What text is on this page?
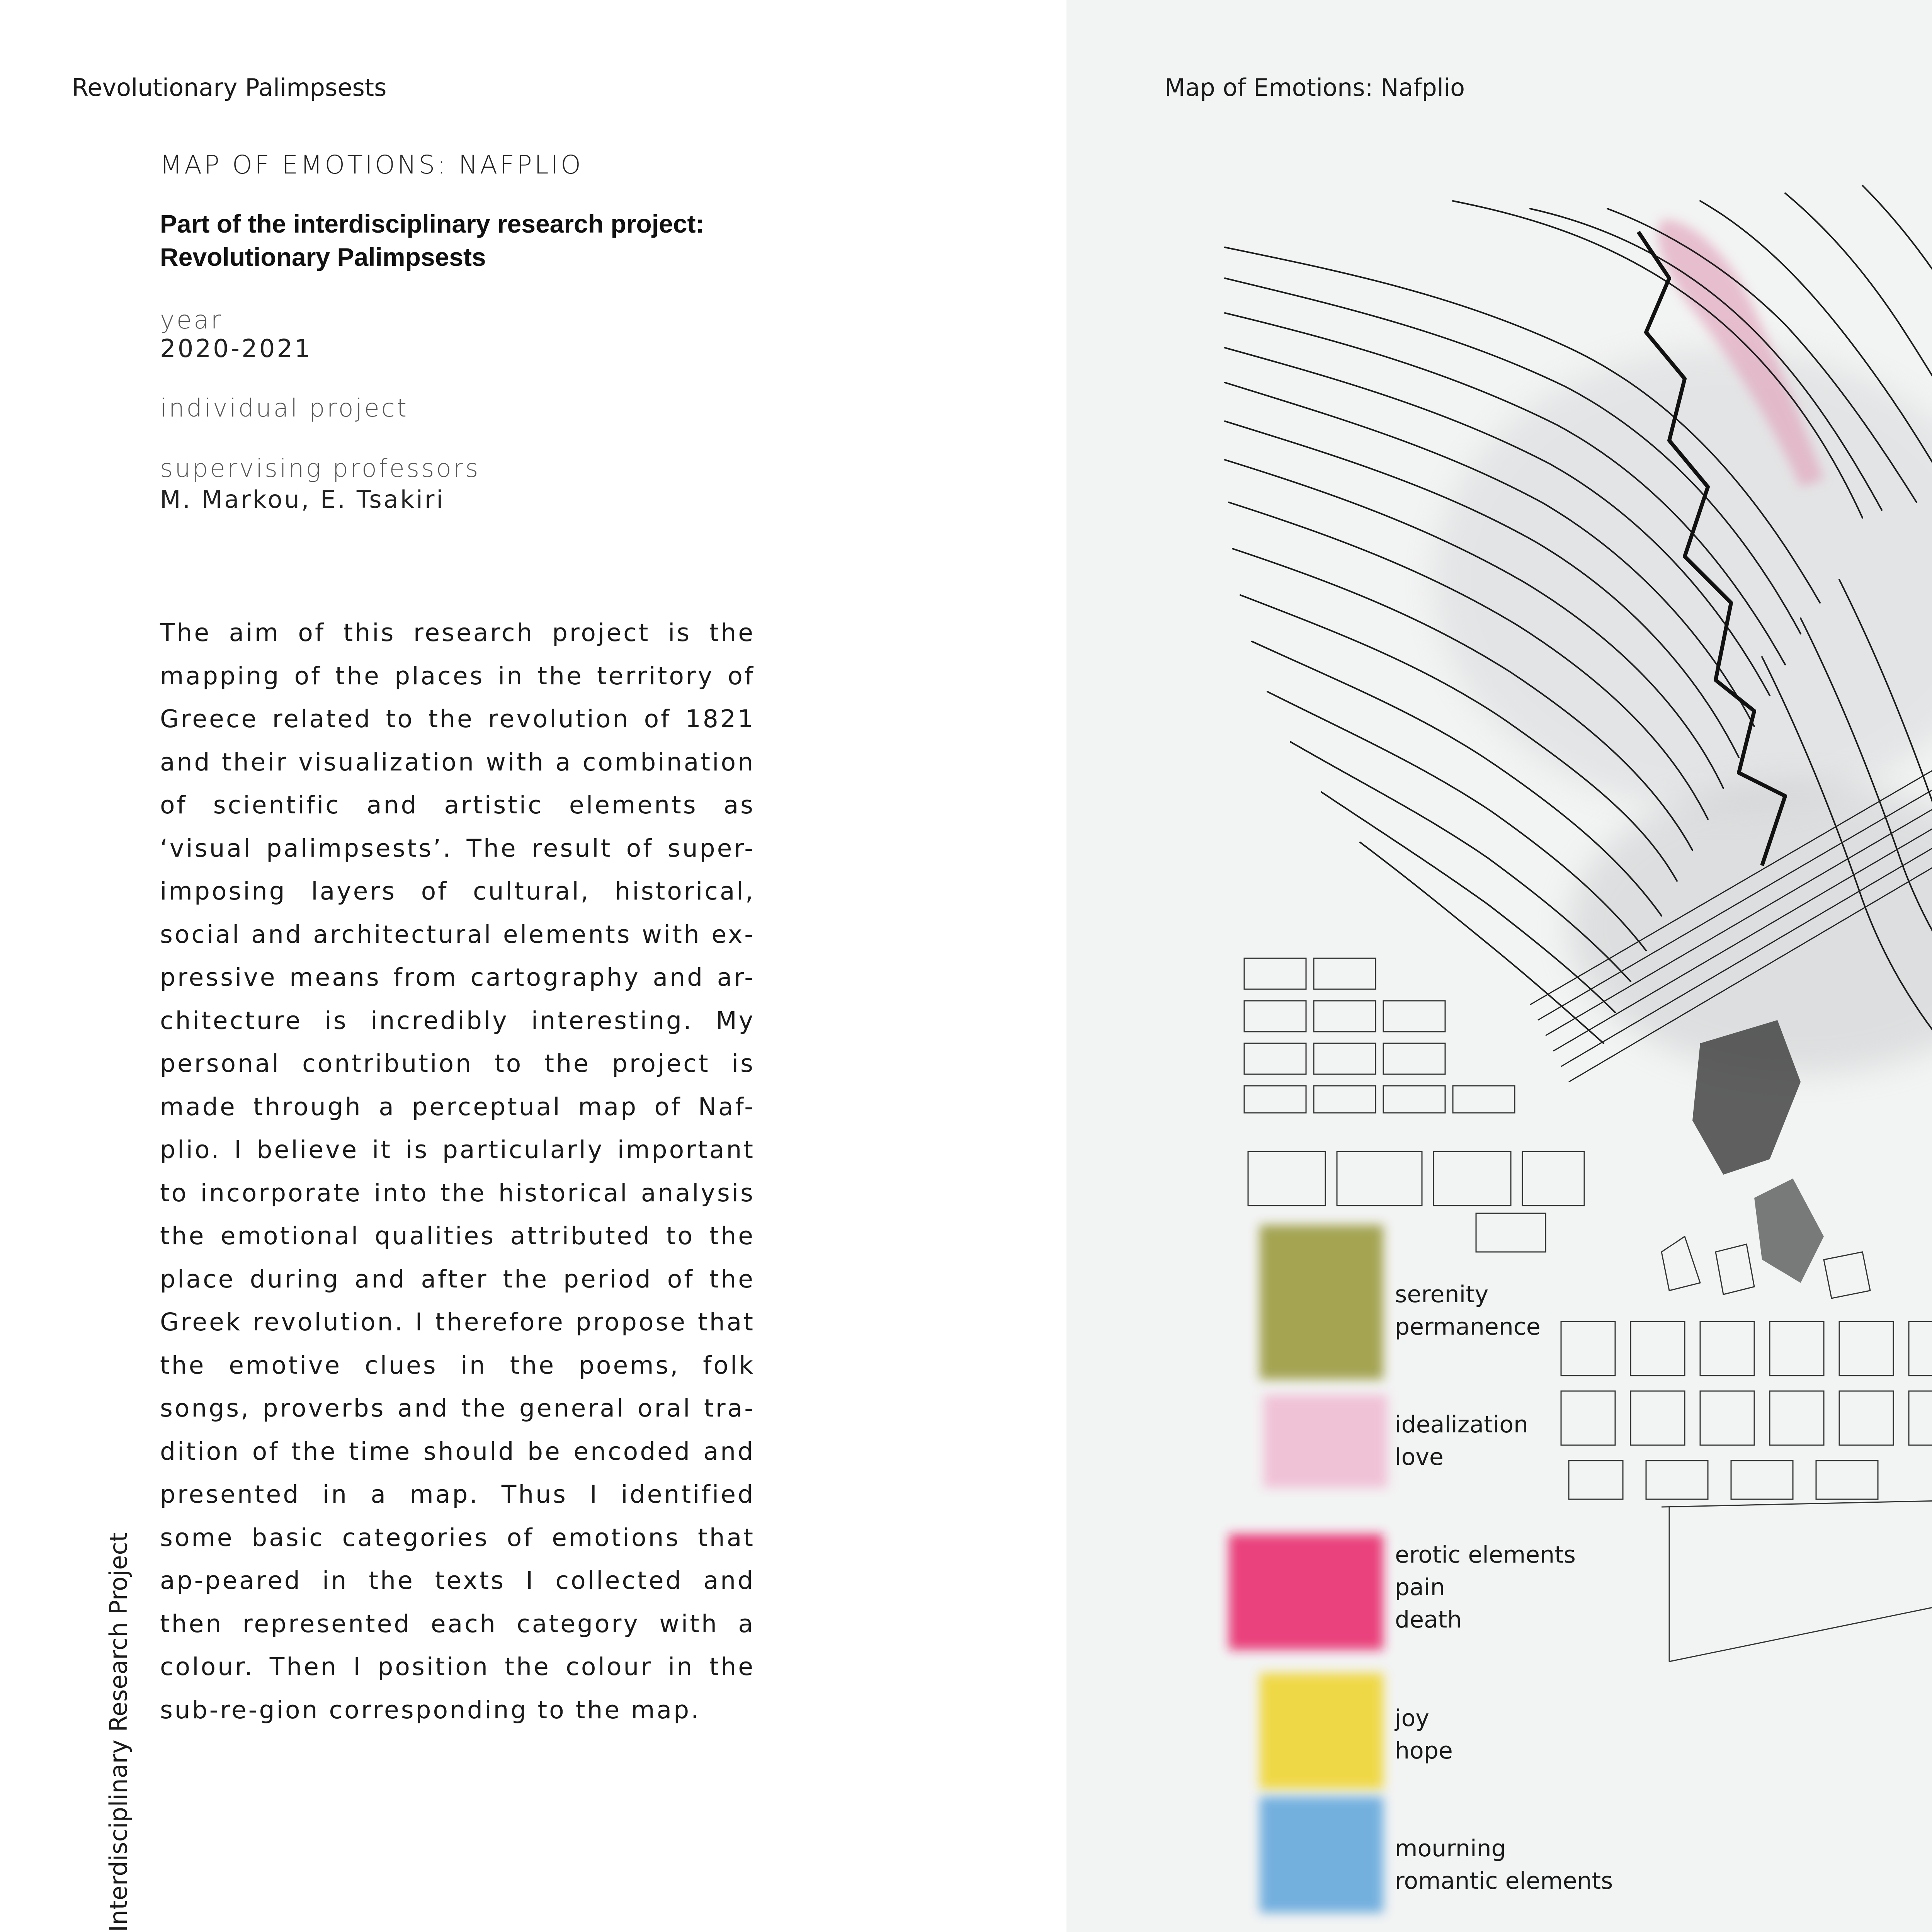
Revolutionary Palimpsests
MAP OF EMOTIONS: NAFPLIO
Part of the interdisciplinary research project:
Revolutionary Palimpsests
year
2020-2021
individual project
supervising professors
M. Markou, E. Tsakiri
The aim of this research project is the mapping of the places in the territory of Greece related to the revolution of 1821 and their visualization with a combination of scientific and artistic elements as ‘visual palimpsests’. The result of super-imposing layers of cultural, historical, social and architectural elements with ex-pressive means from cartography and ar-chitecture is incredibly interesting. My personal contribution to the project is made through a perceptual map of Naf-plio. I believe it is particularly important to incorporate into the historical analysis the emotional qualities attributed to the place during and after the period of the Greek revolution. I therefore propose that the emotive clues in the poems, folk songs, proverbs and the general oral tra-dition of the time should be encoded and presented in a map. Thus I identified some basic categories of emotions that ap-peared in the texts I collected and then represented each category with a colour. Then I position the colour in the sub-re-gion corresponding to the map.
Interdisciplinary Research Project
Map of Emotions: Nafplio
serenity
permanence
idealization
love
erotic elements
pain
death
joy
hope
mourning
romantic elements
